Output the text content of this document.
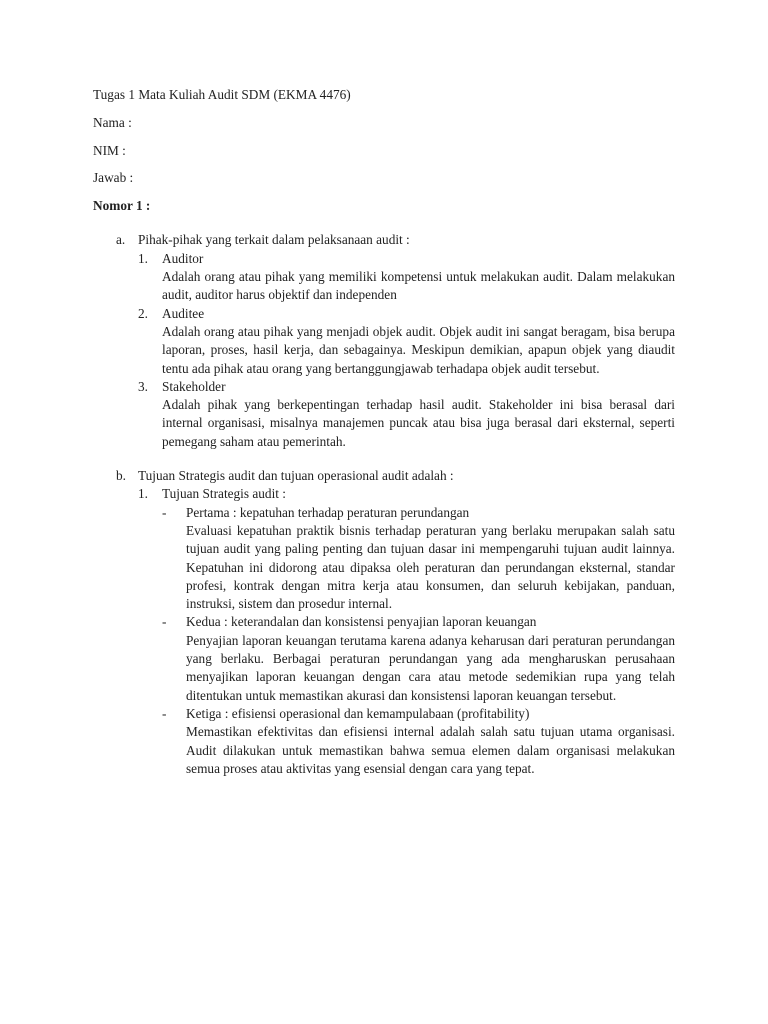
Tugas 1 Mata Kuliah Audit SDM (EKMA 4476)

Nama :

NIM :

Jawab :

Nomor 1 :

a. Pihak-pihak yang terkait dalam pelaksanaan audit :

1.	Auditor

Adalah orang atau pihak yang memiliki kompetensi untuk melakukan audit. Dalam melakukan audit, auditor harus objektif dan independen

2.	Auditee

Adalah orang atau pihak yang menjadi objek audit. Objek audit ini sangat beragam, bisa berupa laporan, proses, hasil kerja, dan sebagainya. Meskipun demikian, apapun objek yang diaudit tentu ada pihak atau orang yang bertanggungjawab terhadapa objek audit tersebut.

3.	Stakeholder

Adalah pihak yang berkepentingan terhadap hasil audit. Stakeholder ini bisa berasal dari internal organisasi, misalnya manajemen puncak atau bisa juga berasal dari eksternal, seperti pemegang saham atau pemerintah.

b. Tujuan Strategis audit dan tujuan operasional audit adalah :

1.	Tujuan Strategis audit :

-	Pertama : kepatuhan terhadap peraturan perundangan

Evaluasi kepatuhan praktik bisnis terhadap peraturan yang berlaku merupakan salah satu tujuan audit yang paling penting dan tujuan dasar ini mempengaruhi tujuan audit lainnya. Kepatuhan ini didorong atau dipaksa oleh peraturan dan perundangan eksternal, standar profesi, kontrak dengan mitra kerja atau konsumen, dan seluruh kebijakan, panduan, instruksi, sistem dan prosedur internal.

-	Kedua : keterandalan dan konsistensi penyajian laporan keuangan

Penyajian laporan keuangan terutama karena adanya keharusan dari peraturan perundangan yang berlaku. Berbagai peraturan perundangan yang ada mengharuskan perusahaan menyajikan laporan keuangan dengan cara atau metode sedemikian rupa yang telah ditentukan untuk memastikan akurasi dan konsistensi laporan keuangan tersebut.

-	Ketiga : efisiensi operasional dan kemampulabaan (profitability)

Memastikan efektivitas dan efisiensi internal adalah salah satu tujuan utama organisasi. Audit dilakukan untuk memastikan bahwa semua elemen dalam organisasi melakukan semua proses atau aktivitas yang esensial dengan cara yang tepat.
